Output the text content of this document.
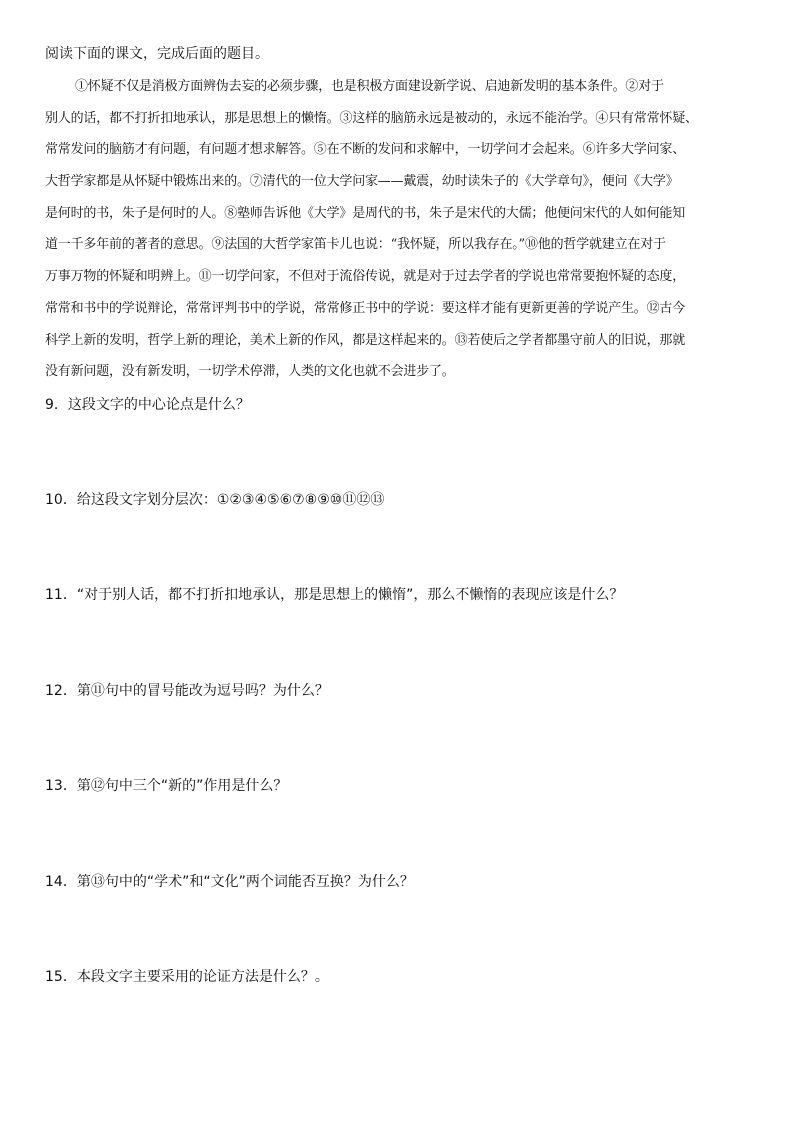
阅读下面的课文，完成后面的题目。
①怀疑不仅是消极方面辨伪去妄的必须步骤，也是积极方面建设新学说、启迪新发明的基本条件。②对于
别人的话，都不打折扣地承认，那是思想上的懒惰。③这样的脑筋永远是被动的，永远不能治学。④只有常常怀疑、
常常发问的脑筋才有问题，有问题才想求解答。⑤在不断的发问和求解中，一切学问才会起来。⑥许多大学问家、
大哲学家都是从怀疑中锻炼出来的。⑦清代的一位大学问家——戴震，幼时读朱子的《大学章句》，便问《大学》
是何时的书，朱子是何时的人。⑧塾师告诉他《大学》是周代的书，朱子是宋代的大儒；他便问宋代的人如何能知
道一千多年前的著者的意思。⑨法国的大哲学家笛卡儿也说：“我怀疑，所以我存在。”⑩他的哲学就建立在对于
万事万物的怀疑和明辨上。⑪一切学问家，不但对于流俗传说，就是对于过去学者的学说也常常要抱怀疑的态度，
常常和书中的学说辩论，常常评判书中的学说，常常修正书中的学说：要这样才能有更新更善的学说产生。⑫古今
科学上新的发明，哲学上新的理论，美术上新的作风，都是这样起来的。⑬若使后之学者都墨守前人的旧说，那就
没有新问题，没有新发明，一切学术停滞，人类的文化也就不会进步了。
9．这段文字的中心论点是什么？
10．给这段文字划分层次：①②③④⑤⑥⑦⑧⑨⑩⑪⑫⑬
11．“对于别人话，都不打折扣地承认，那是思想上的懒惰”，那么不懒惰的表现应该是什么？
12．第⑪句中的冒号能改为逗号吗？为什么？
13．第⑫句中三个“新的”作用是什么？
14．第⑬句中的“学术”和“文化”两个词能否互换？为什么？
15．本段文字主要采用的论证方法是什么？。
